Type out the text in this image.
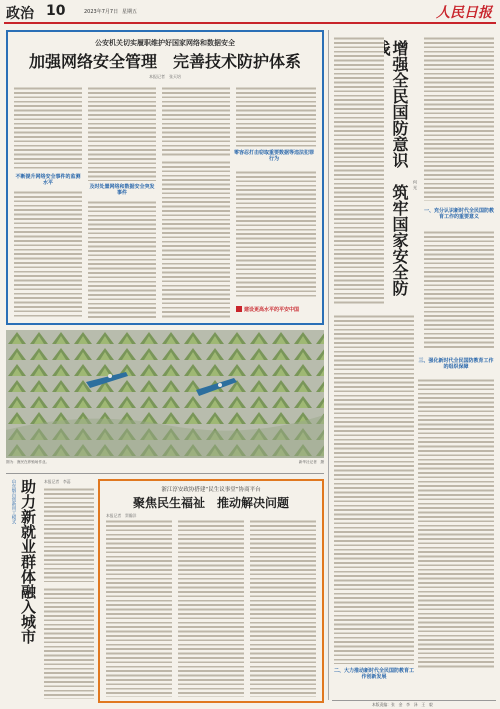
政治 10	2023年7月7日 星期五	人民日报
公安机关切实履职维护好国家网络和数据安全
加强网络安全管理　完善技术防护体系
本报记者　张天培
不断提升网络安全事件的监测水平
及时处置网络和数据安全突发事件
零容忍打击窃取重要数据等违法犯罪行为
建设更高水平的平安中国
图为：渔民在养殖场作业。	新华社记者　摄
山东烟台创新用工模式 助力新就业群体融入城市 本报记者　李蕊
浙江淳安政协搭建“民生议事堂”协商平台
聚焦民生福祉　推动解决问题
本报记者　窦瀚洋
增强全民国防意识　筑牢国家安全防
何 光
一、充分认识新时代全民国防教育工作的重要意义
三、强化新时代全民国防教育工作的组织保障
二、大力推动新时代全民国防教育工作创新发展
本版责编：张　金　李　泽　王　毅
